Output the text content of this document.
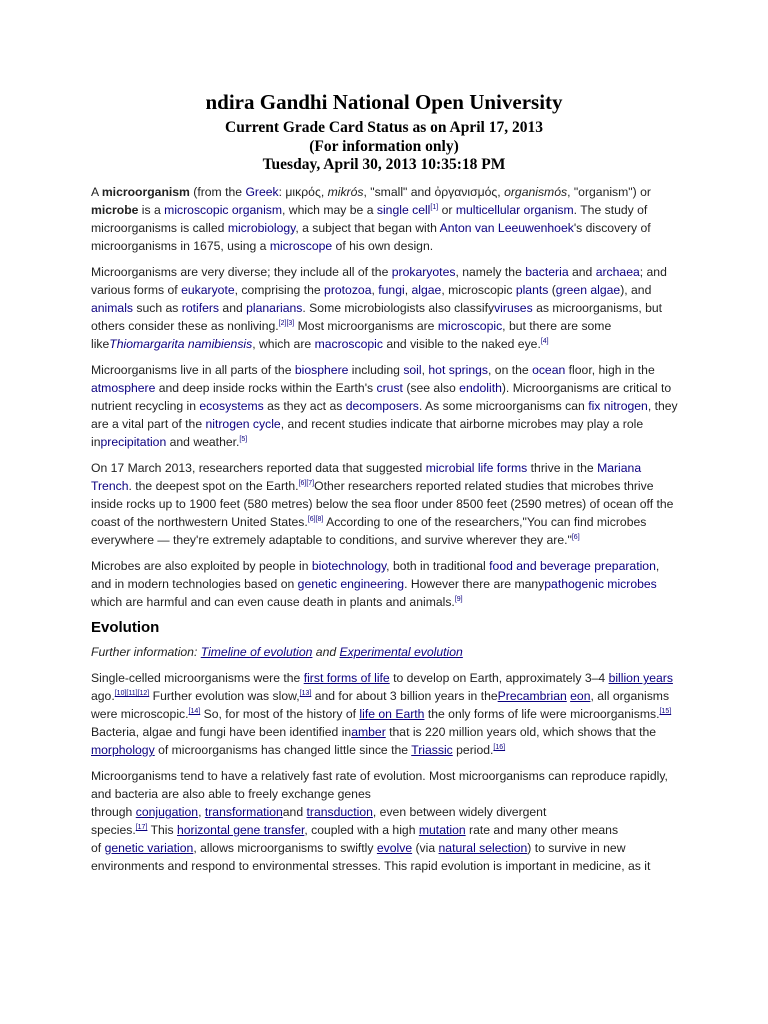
ndira Gandhi National Open University
Current Grade Card Status as on April 17, 2013
(For information only)
Tuesday, April 30, 2013 10:35:18 PM

A microorganism (from the Greek: μικρός, mikrós, "small" and ὀργανισμός, organismós, "organism") or microbe is a microscopic organism, which may be a single cell[1] or multicellular organism. The study of microorganisms is called microbiology, a subject that began with Anton van Leeuwenhoek's discovery of microorganisms in 1675, using a microscope of his own design.

Microorganisms are very diverse; they include all of the prokaryotes, namely the bacteria and archaea; and various forms of eukaryote, comprising the protozoa, fungi, algae, microscopic plants (green algae), and animals such as rotifers and planarians. Some microbiologists also classifyviruses as microorganisms, but others consider these as nonliving.[2][3] Most microorganisms are microscopic, but there are some likeThiomargarita namibiensis, which are macroscopic and visible to the naked eye.[4]

Microorganisms live in all parts of the biosphere including soil, hot springs, on the ocean floor, high in the atmosphere and deep inside rocks within the Earth's crust (see also endolith). Microorganisms are critical to nutrient recycling in ecosystems as they act as decomposers. As some microorganisms can fix nitrogen, they are a vital part of the nitrogen cycle, and recent studies indicate that airborne microbes may play a role inprecipitation and weather.[5]

On 17 March 2013, researchers reported data that suggested microbial life forms thrive in the Mariana Trench. the deepest spot on the Earth.[6][7]Other researchers reported related studies that microbes thrive inside rocks up to 1900 feet (580 metres) below the sea floor under 8500 feet (2590 metres) of ocean off the coast of the northwestern United States.[6][8] According to one of the researchers,"You can find microbes everywhere — they're extremely adaptable to conditions, and survive wherever they are."[6]

Microbes are also exploited by people in biotechnology, both in traditional food and beverage preparation, and in modern technologies based on genetic engineering. However there are manypathogenic microbes which are harmful and can even cause death in plants and animals.[9]

Evolution

Further information: Timeline of evolution and Experimental evolution

Single-celled microorganisms were the first forms of life to develop on Earth, approximately 3–4 billion years ago.[10][11][12] Further evolution was slow,[13] and for about 3 billion years in thePrecambrian eon, all organisms were microscopic.[14] So, for most of the history of life on Earth the only forms of life were microorganisms.[15] Bacteria, algae and fungi have been identified inamber that is 220 million years old, which shows that the morphology of microorganisms has changed little since the Triassic period.[16]

Microorganisms tend to have a relatively fast rate of evolution. Most microorganisms can reproduce rapidly, and bacteria are also able to freely exchange genes
through conjugation, transformationand transduction, even between widely divergent
species.[17] This horizontal gene transfer, coupled with a high mutation rate and many other means
of genetic variation, allows microorganisms to swiftly evolve (via natural selection) to survive in new environments and respond to environmental stresses. This rapid evolution is important in medicine, as it
